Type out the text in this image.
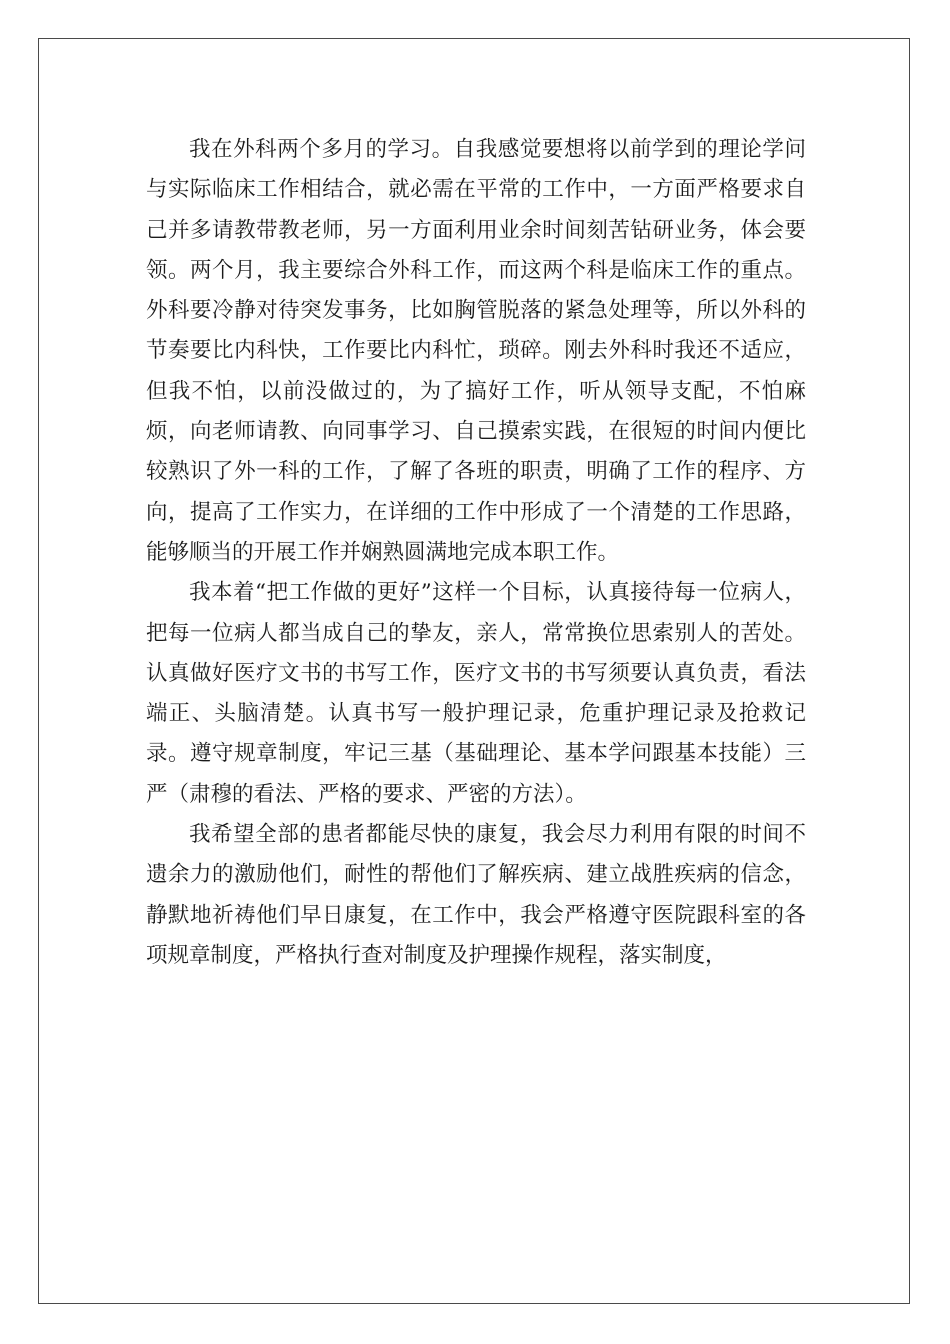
我在外科两个多月的学习。自我感觉要想将以前学到的理论学问与实际临床工作相结合，就必需在平常的工作中，一方面严格要求自己并多请教带教老师，另一方面利用业余时间刻苦钻研业务，体会要领。两个月，我主要综合外科工作，而这两个科是临床工作的重点。外科要冷静对待突发事务，比如胸管脱落的紧急处理等，所以外科的节奏要比内科快，工作要比内科忙，琐碎。刚去外科时我还不适应，但我不怕，以前没做过的，为了搞好工作，听从领导支配，不怕麻烦，向老师请教、向同事学习、自己摸索实践，在很短的时间内便比较熟识了外一科的工作，了解了各班的职责，明确了工作的程序、方向，提高了工作实力，在详细的工作中形成了一个清楚的工作思路，能够顺当的开展工作并娴熟圆满地完成本职工作。

我本着“把工作做的更好”这样一个目标，认真接待每一位病人，把每一位病人都当成自己的挚友，亲人，常常换位思索别人的苦处。认真做好医疗文书的书写工作，医疗文书的书写须要认真负责，看法端正、头脑清楚。认真书写一般护理记录，危重护理记录及抢救记录。遵守规章制度，牢记三基（基础理论、基本学问跟基本技能）三严（肃穆的看法、严格的要求、严密的方法）。

我希望全部的患者都能尽快的康复，我会尽力利用有限的时间不遗余力的激励他们，耐性的帮他们了解疾病、建立战胜疾病的信念，静默地祈祷他们早日康复，在工作中，我会严格遵守医院跟科室的各项规章制度，严格执行查对制度及护理操作规程，落实制度，
